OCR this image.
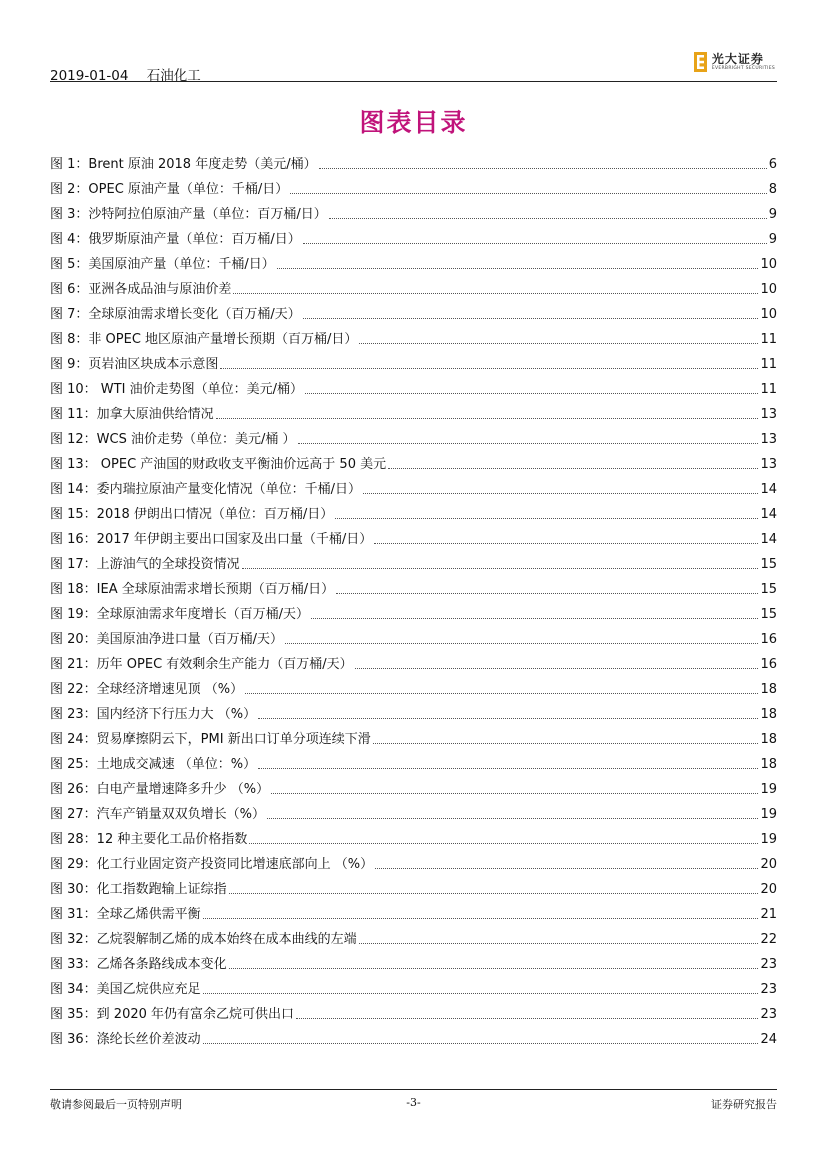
2019-01-04 石油化工
光大证券
EVERBRIGHT SECURITIES
图表目录
图 1：Brent 原油 2018 年度走势（美元/桶）	6
图 2：OPEC 原油产量（单位：千桶/日）	8
图 3：沙特阿拉伯原油产量（单位：百万桶/日）	9
图 4：俄罗斯原油产量（单位：百万桶/日）	9
图 5：美国原油产量（单位：千桶/日）	10
图 6：亚洲各成品油与原油价差	10
图 7：全球原油需求增长变化（百万桶/天）	10
图 8：非 OPEC 地区原油产量增长预期（百万桶/日）	11
图 9：页岩油区块成本示意图	11
图 10： WTI 油价走势图（单位：美元/桶）	11
图 11：加拿大原油供给情况	13
图 12：WCS 油价走势（单位：美元/桶 ）	13
图 13： OPEC 产油国的财政收支平衡油价远高于 50 美元	13
图 14：委内瑞拉原油产量变化情况（单位：千桶/日）	14
图 15：2018 伊朗出口情况（单位：百万桶/日）	14
图 16：2017 年伊朗主要出口国家及出口量（千桶/日）	14
图 17：上游油气的全球投资情况	15
图 18：IEA 全球原油需求增长预期（百万桶/日）	15
图 19：全球原油需求年度增长（百万桶/天）	15
图 20：美国原油净进口量（百万桶/天）	16
图 21：历年 OPEC 有效剩余生产能力（百万桶/天）	16
图 22：全球经济增速见顶 （%）	18
图 23：国内经济下行压力大 （%）	18
图 24：贸易摩擦阴云下，PMI 新出口订单分项连续下滑	18
图 25：土地成交减速 （单位：%）	18
图 26：白电产量增速降多升少 （%）	19
图 27：汽车产销量双双负增长（%）	19
图 28：12 种主要化工品价格指数	19
图 29：化工行业固定资产投资同比增速底部向上 （%）	20
图 30：化工指数跑输上证综指	20
图 31：全球乙烯供需平衡	21
图 32：乙烷裂解制乙烯的成本始终在成本曲线的左端	22
图 33：乙烯各条路线成本变化	23
图 34：美国乙烷供应充足	23
图 35：到 2020 年仍有富余乙烷可供出口	23
图 36：涤纶长丝价差波动	24
敬请参阅最后一页特别声明	-3-	证券研究报告
